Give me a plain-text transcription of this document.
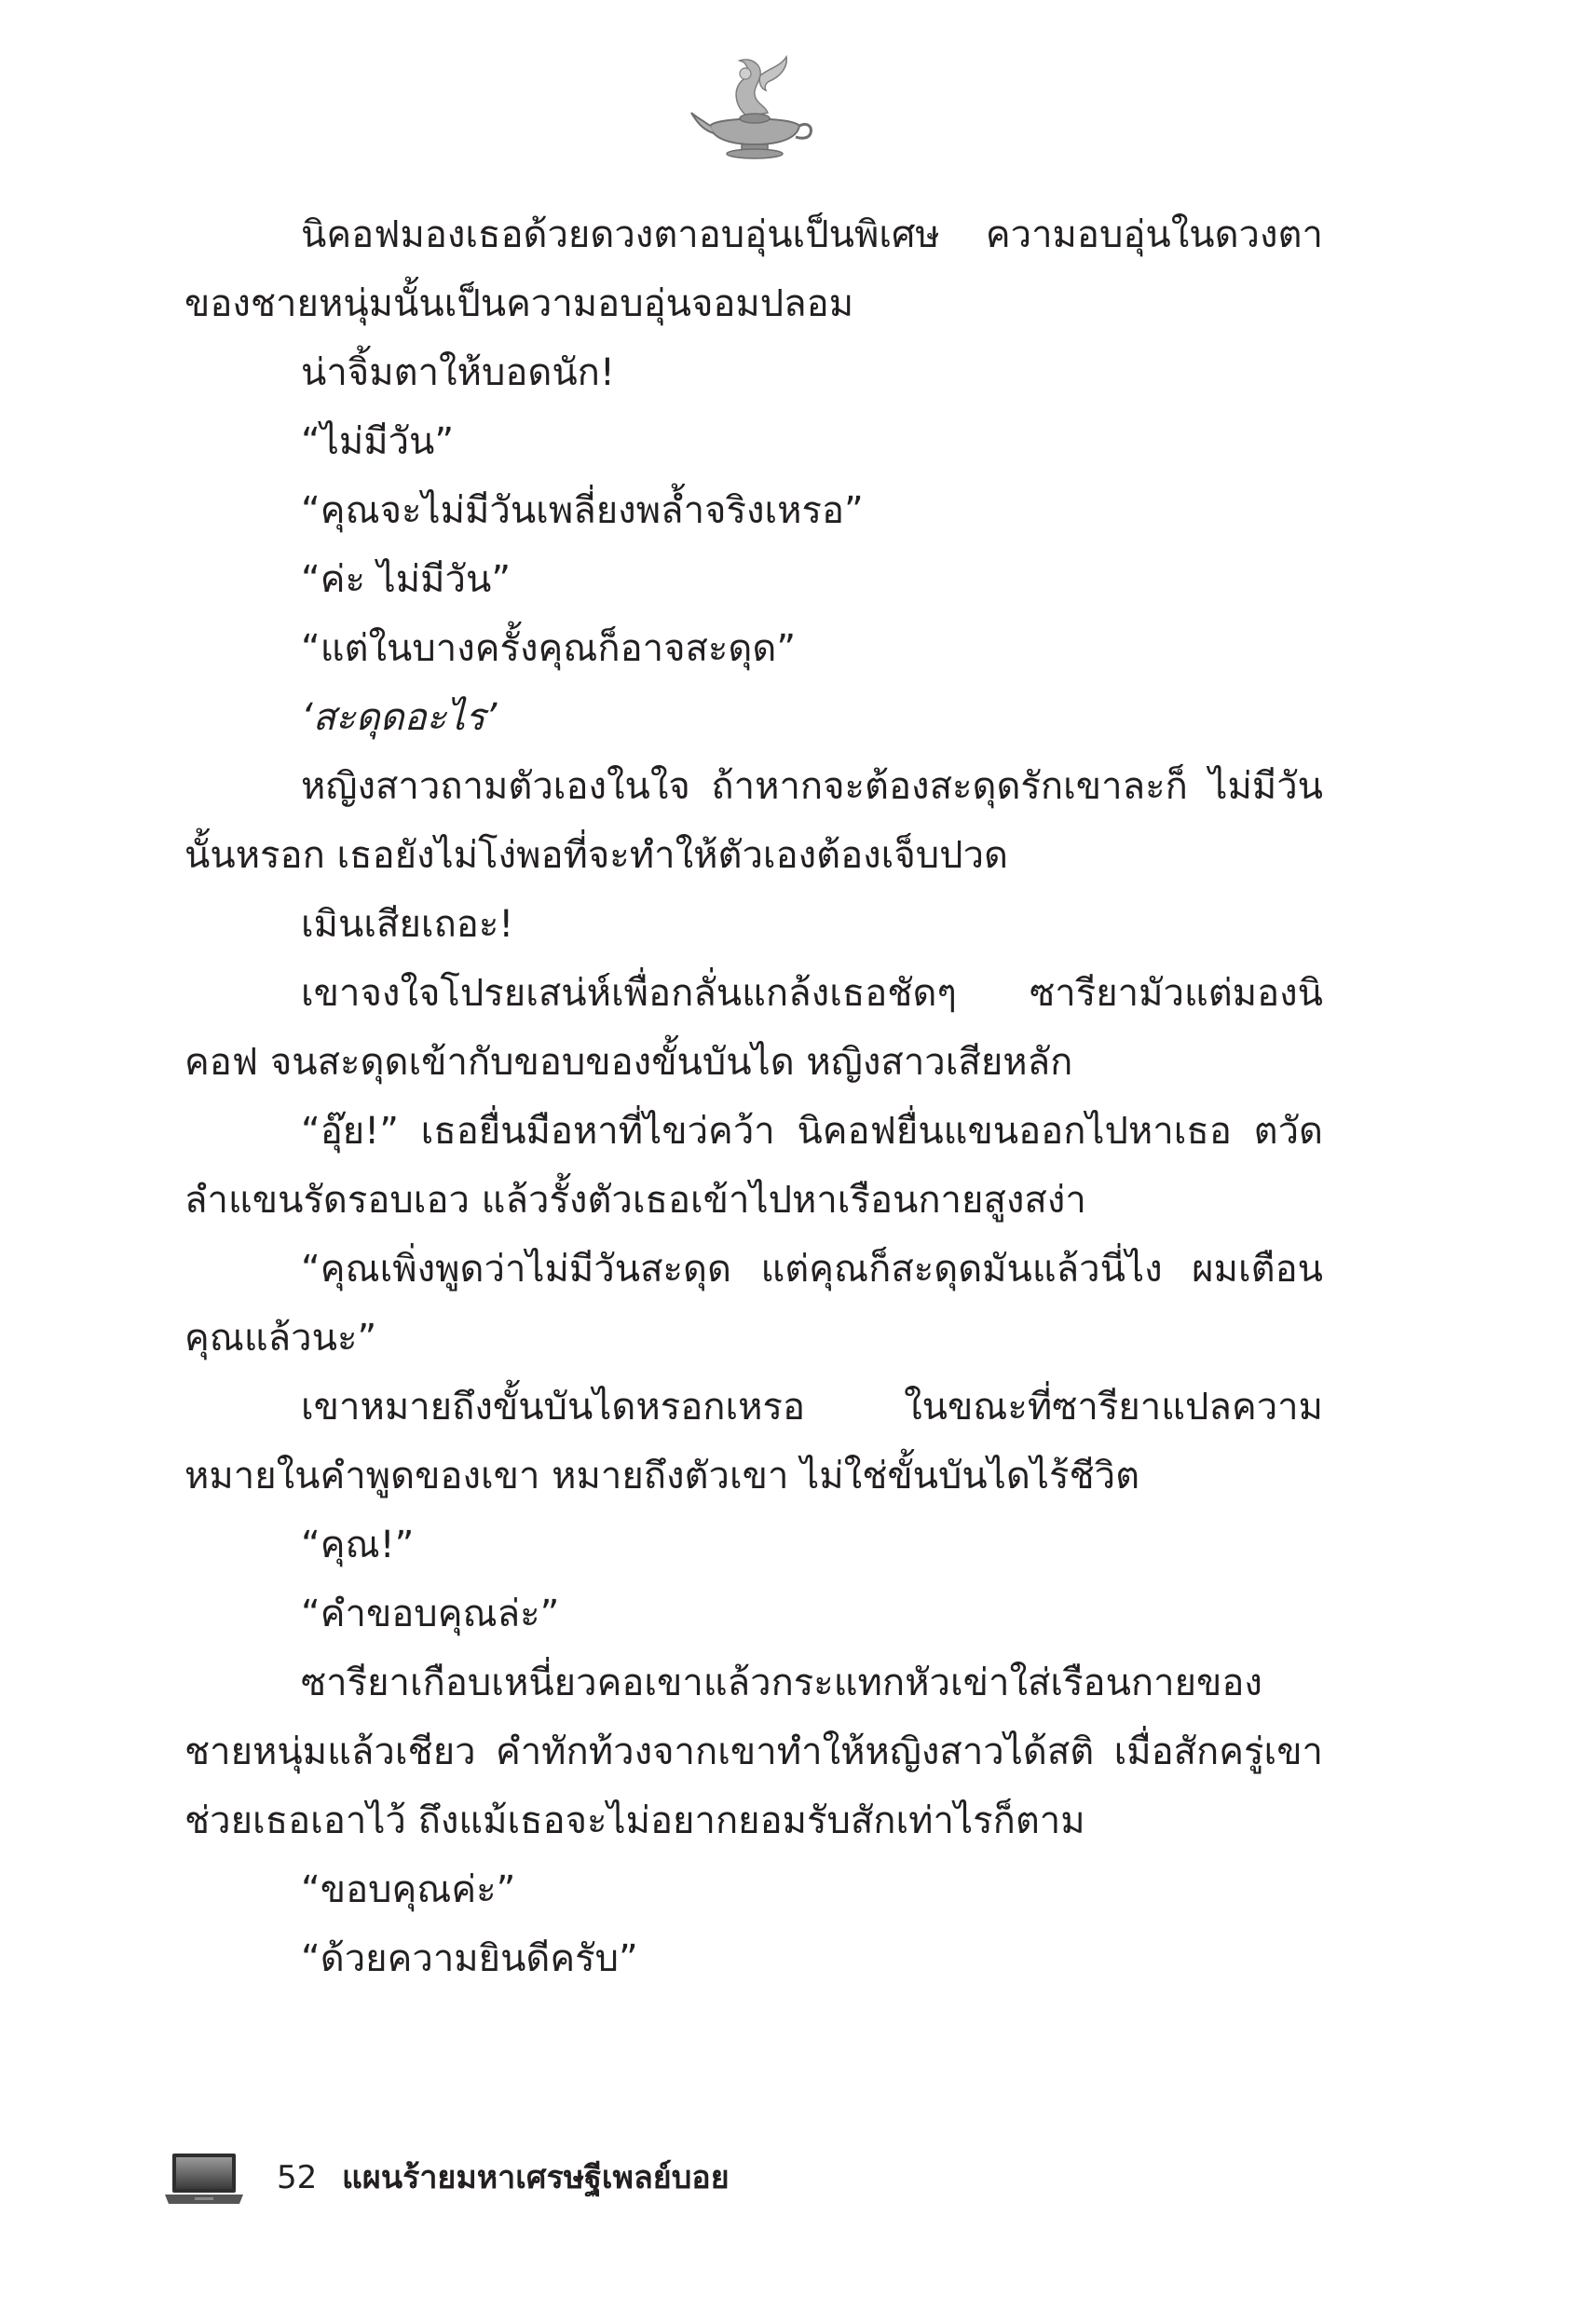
นิคอฟมองเธอด้วยดวงตาอบอุ่นเป็นพิเศษ ความอบอุ่นในดวงตาของชายหนุ่มนั้นเป็นความอบอุ่นจอมปลอม

น่าจิ้มตาให้บอดนัก!

“ไม่มีวัน”

“คุณจะไม่มีวันเพลี่ยงพล้ำจริงเหรอ”

“ค่ะ ไม่มีวัน”

“แต่ในบางครั้งคุณก็อาจสะดุด”

‘สะดุดอะไร’

หญิงสาวถามตัวเองในใจ ถ้าหากจะต้องสะดุดรักเขาละก็ ไม่มีวันนั้นหรอก เธอยังไม่โง่พอที่จะทำให้ตัวเองต้องเจ็บปวด

เมินเสียเถอะ!

เขาจงใจโปรยเสน่ห์เพื่อกลั่นแกล้งเธอชัดๆ ซารียามัวแต่มองนิคอฟ จนสะดุดเข้ากับขอบของขั้นบันได หญิงสาวเสียหลัก

“อุ๊ย!” เธอยื่นมือหาที่ไขว่คว้า นิคอฟยื่นแขนออกไปหาเธอ ตวัดลำแขนรัดรอบเอว แล้วรั้งตัวเธอเข้าไปหาเรือนกายสูงสง่า

“คุณเพิ่งพูดว่าไม่มีวันสะดุด แต่คุณก็สะดุดมันแล้วนี่ไง ผมเตือนคุณแล้วนะ”

เขาหมายถึงขั้นบันไดหรอกเหรอ ในขณะที่ซารียาแปลความหมายในคำพูดของเขา หมายถึงตัวเขา ไม่ใช่ขั้นบันไดไร้ชีวิต

“คุณ!”

“คำขอบคุณล่ะ”

ซารียาเกือบเหนี่ยวคอเขาแล้วกระแทกหัวเข่าใส่เรือนกายของชายหนุ่มแล้วเชียว คำทักท้วงจากเขาทำให้หญิงสาวได้สติ เมื่อสักครู่เขาช่วยเธอเอาไว้ ถึงแม้เธอจะไม่อยากยอมรับสักเท่าไรก็ตาม

“ขอบคุณค่ะ”

“ด้วยความยินดีครับ”

52 แผนร้ายมหาเศรษฐีเพลย์บอย
